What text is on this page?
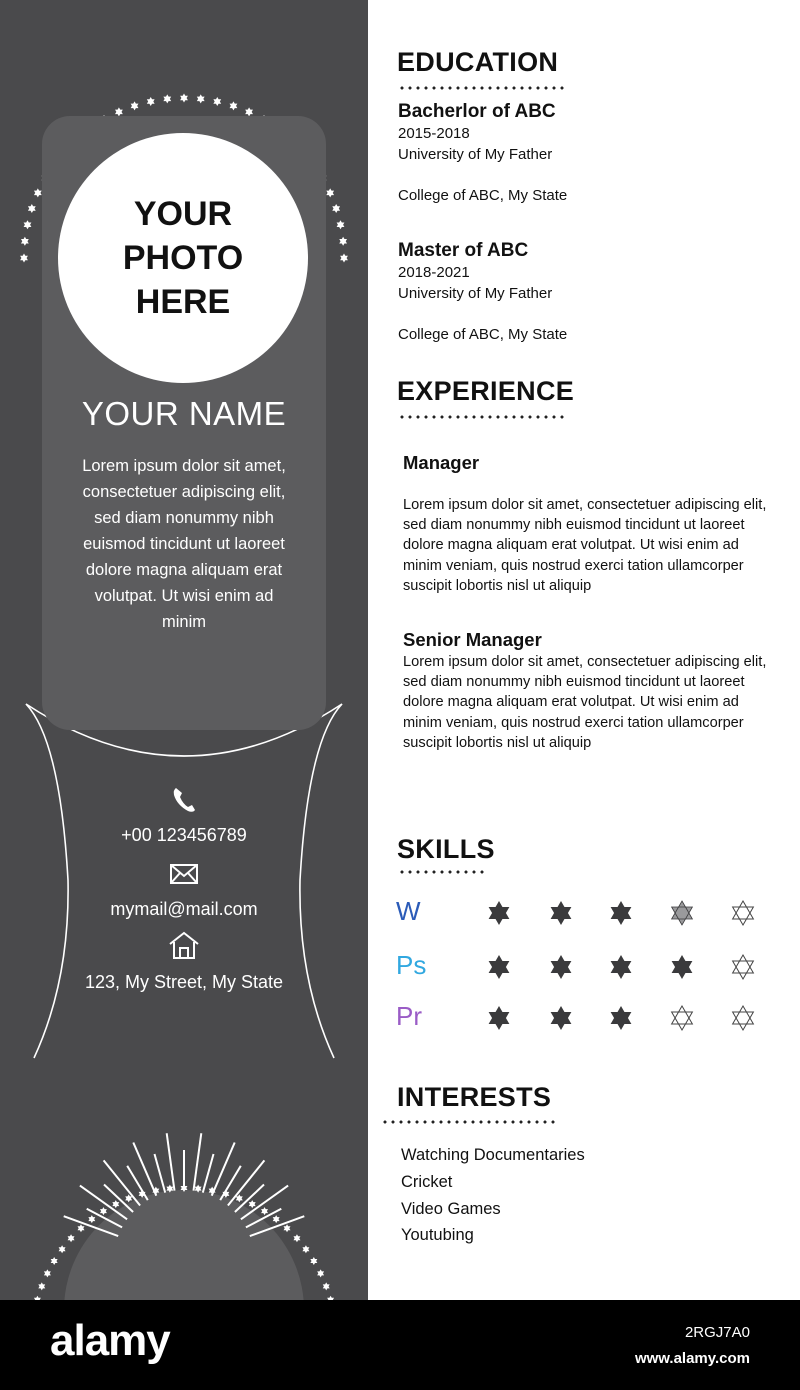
YOUR PHOTO HERE
YOUR NAME
Lorem ipsum dolor sit amet, consectetuer adipiscing elit, sed diam nonummy nibh euismod tincidunt ut laoreet dolore magna aliquam erat volutpat. Ut wisi enim ad minim
+00 123456789
mymail@mail.com
123, My Street, My State
EDUCATION
Bacherlor of ABC
2015-2018
University of My Father
College of ABC, My State
Master of ABC
2018-2021
University of My Father
College of ABC, My State
EXPERIENCE
Manager
Lorem ipsum dolor sit amet, consectetuer adipiscing elit,
sed diam nonummy nibh euismod tincidunt ut laoreet
dolore magna aliquam erat volutpat. Ut wisi enim ad
minim veniam, quis nostrud exerci tation ullamcorper
suscipit lobortis nisl ut aliquip
Senior Manager
Lorem ipsum dolor sit amet, consectetuer adipiscing elit,
sed diam nonummy nibh euismod tincidunt ut laoreet
dolore magna aliquam erat volutpat. Ut wisi enim ad
minim veniam, quis nostrud exerci tation ullamcorper
suscipit lobortis nisl ut aliquip
SKILLS
W
Ps
Pr
INTERESTS
Watching Documentaries
Cricket
Video Games
Youtubing
alamy	2RGJ7A0
www.alamy.com
